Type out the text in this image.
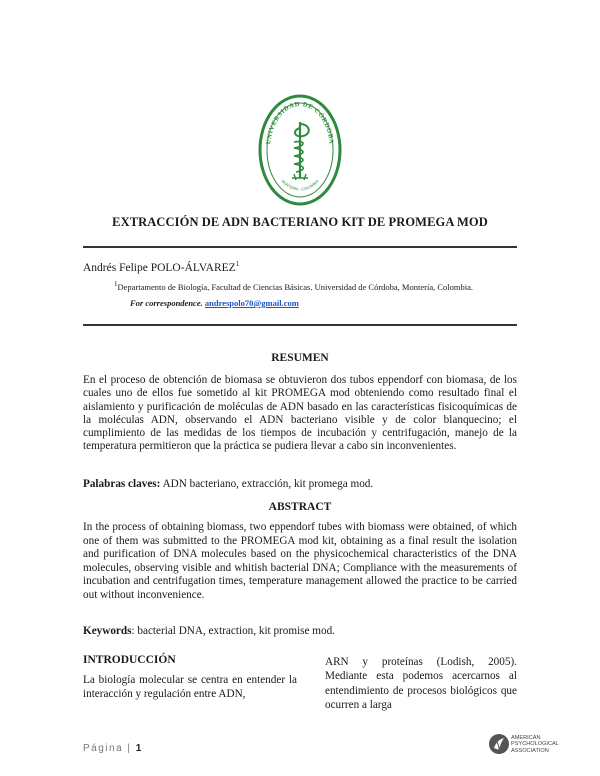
UNIVERSIDAD DE CÓRDOBA
MONTERÍA - COLOMBIA
EXTRACCIÓN DE ADN BACTERIANO KIT DE PROMEGA MOD
Andrés Felipe POLO-ÁLVAREZ$^1$
$^1$Departamento de Biología, Facultad de Ciencias Básicas. Universidad de Córdoba, Montería, Colombia.
For correspondence. andrespolo70@gmail.com
RESUMEN
En el proceso de obtención de biomasa se obtuvieron dos tubos eppendorf con biomasa, de los cuales uno de ellos fue sometido al kit PROMEGA mod obteniendo como resultado final el aislamiento y purificación de moléculas de ADN basado en las características fisicoquímicas de la moléculas ADN, observando el ADN bacteriano visible y de color blanquecino; el cumplimiento de las medidas de los tiempos de incubación y centrifugación, manejo de la temperatura permitieron que la práctica se pudiera llevar a cabo sin inconvenientes.
Palabras claves: ADN bacteriano, extracción, kit promega mod.
ABSTRACT
In the process of obtaining biomass, two eppendorf tubes with biomass were obtained, of which one of them was submitted to the PROMEGA mod kit, obtaining as a final result the isolation and purification of DNA molecules based on the physicochemical characteristics of the DNA molecules, observing visible and whitish bacterial DNA; Compliance with the measurements of incubation and centrifugation times, temperature management allowed the practice to be carried out without inconvenience.
Keywords: bacterial DNA, extraction, kit promise mod.
INTRODUCCIÓN
La biología molecular se centra en entender la interacción y regulación entre ADN,
ARN y proteínas (Lodish, 2005). Mediante esta podemos acercarnos al entendimiento de procesos biológicos que ocurren a larga
Página | 1
AMERICAN
PSYCHOLOGICAL
ASSOCIATION
